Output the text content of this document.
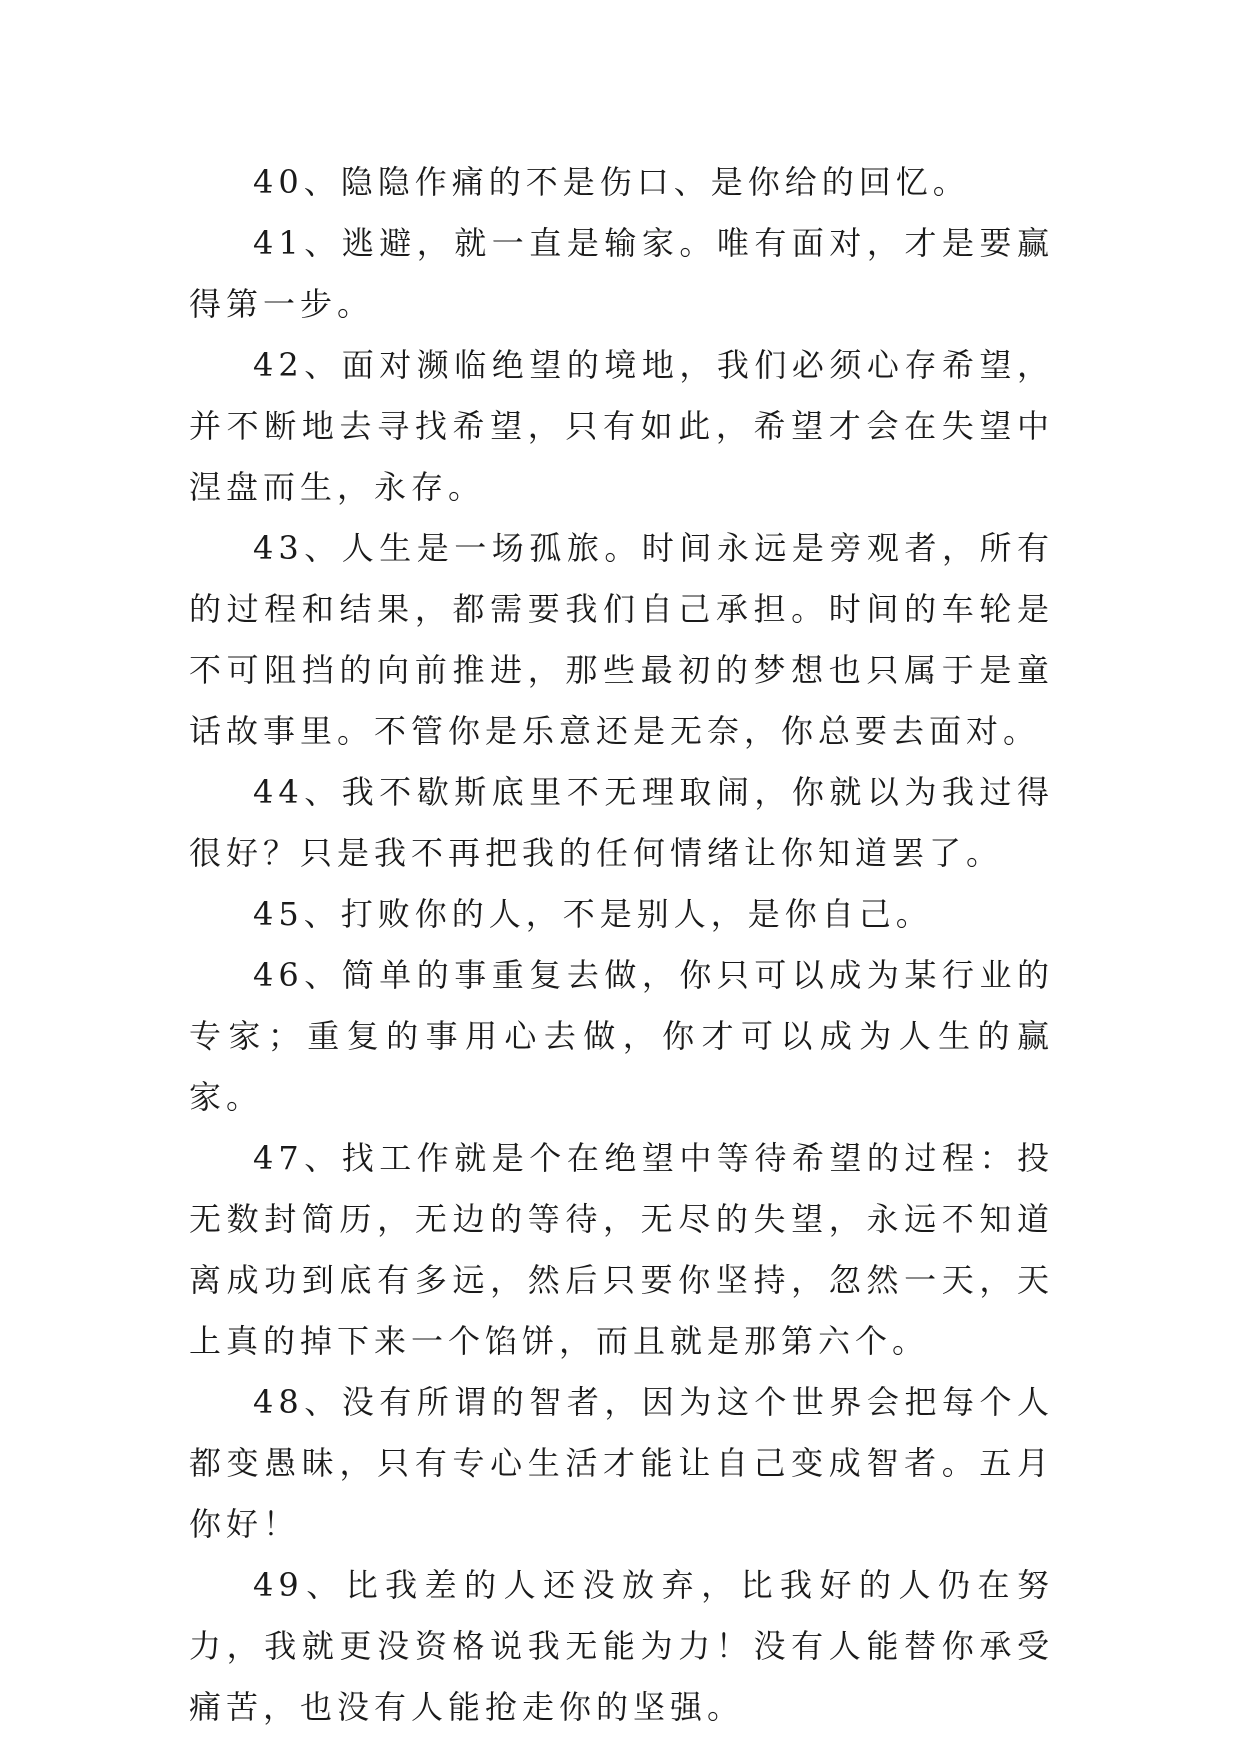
40、隐隐作痛的不是伤口、是你给的回忆。

41、逃避，就一直是输家。唯有面对，才是要赢得第一步。

42、面对濒临绝望的境地，我们必须心存希望，并不断地去寻找希望，只有如此，希望才会在失望中涅盘而生，永存。

43、人生是一场孤旅。时间永远是旁观者，所有的过程和结果，都需要我们自己承担。时间的车轮是不可阻挡的向前推进，那些最初的梦想也只属于是童话故事里。不管你是乐意还是无奈，你总要去面对。

44、我不歇斯底里不无理取闹，你就以为我过得很好？只是我不再把我的任何情绪让你知道罢了。

45、打败你的人，不是别人，是你自己。

46、简单的事重复去做，你只可以成为某行业的专家；重复的事用心去做，你才可以成为人生的赢家。

47、找工作就是个在绝望中等待希望的过程：投无数封简历，无边的等待，无尽的失望，永远不知道离成功到底有多远，然后只要你坚持，忽然一天，天上真的掉下来一个馅饼，而且就是那第六个。

48、没有所谓的智者，因为这个世界会把每个人都变愚昧，只有专心生活才能让自己变成智者。五月你好！

49、比我差的人还没放弃，比我好的人仍在努力，我就更没资格说我无能为力！没有人能替你承受痛苦，也没有人能抢走你的坚强。
